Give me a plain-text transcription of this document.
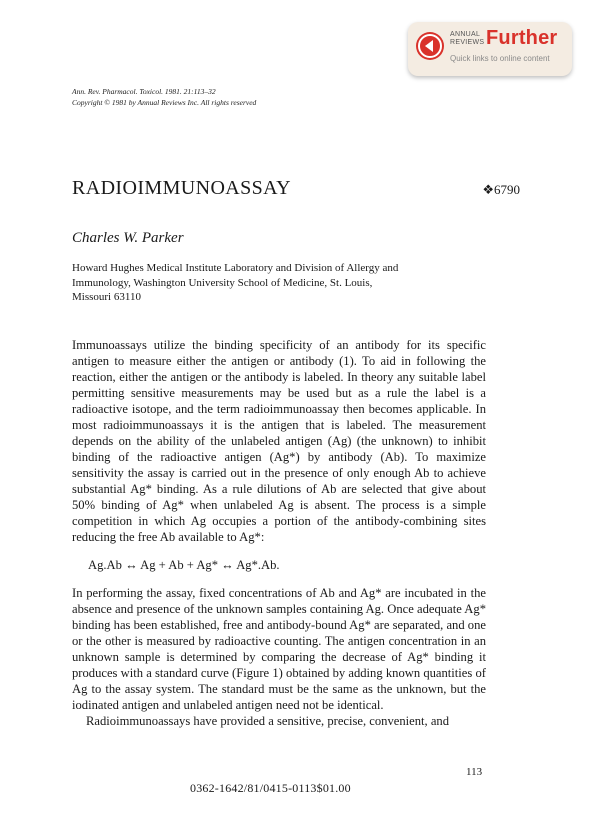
ANNUAL
REVIEWS Further
Quick links to online content
Ann. Rev. Pharmacol. Toxicol. 1981. 21:113–32
Copyright © 1981 by Annual Reviews Inc. All rights reserved
RADIOIMMUNOASSAY	❖6790
Charles W. Parker
Howard Hughes Medical Institute Laboratory and Division of Allergy and
Immunology, Washington University School of Medicine, St. Louis,
Missouri 63110

Immunoassays utilize the binding specificity of an antibody for its specific antigen to measure either the antigen or antibody (1). To aid in following the reaction, either the antigen or the antibody is labeled. In theory any suitable label permitting sensitive measurements may be used but as a rule the label is a radioactive isotope, and the term radioimmunoassay then becomes applicable. In most radioimmunoassays it is the antigen that is labeled. The measurement depends on the ability of the unlabeled antigen (Ag) (the unknown) to inhibit binding of the radioactive antigen (Ag*) by antibody (Ab). To maximize sensitivity the assay is carried out in the presence of only enough Ab to achieve substantial Ag* binding. As a rule dilutions of Ab are selected that give about 50% binding of Ag* when unlabeled Ag is absent. The process is a simple competition in which Ag occupies a portion of the antibody-combining sites reducing the free Ab available to Ag*:

Ag.Ab ↔ Ag + Ab + Ag* ↔ Ag*.Ab.

In performing the assay, fixed concentrations of Ab and Ag* are incubated in the absence and presence of the unknown samples containing Ag. Once adequate Ag* binding has been established, free and antibody-bound Ag* are separated, and one or the other is measured by radioactive counting. The antigen concentration in an unknown sample is determined by comparing the decrease of Ag* binding it produces with a standard curve (Figure 1) obtained by adding known quantities of Ag to the assay system. The standard must be the same as the unknown, but the iodinated antigen and unlabeled antigen need not be identical.

Radioimmunoassays have provided a sensitive, precise, convenient, and

113
0362-1642/81/0415-0113$01.00
